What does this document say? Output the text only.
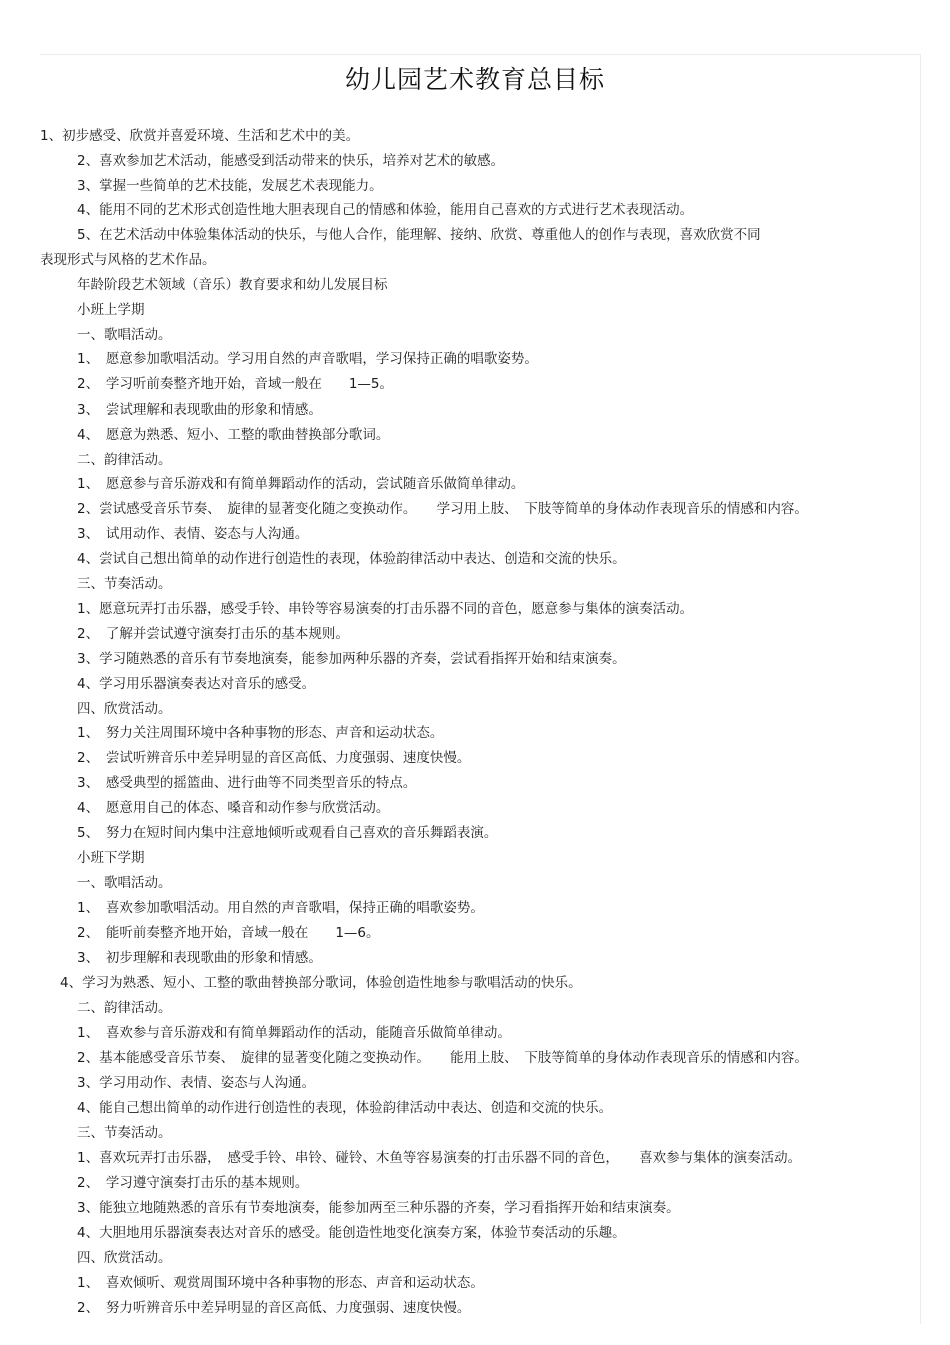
幼儿园艺术教育总目标
1、初步感受、欣赏并喜爱环境、生活和艺术中的美。
2、喜欢参加艺术活动，能感受到活动带来的快乐，培养对艺术的敏感。
3、掌握一些简单的艺术技能，发展艺术表现能力。
4、能用不同的艺术形式创造性地大胆表现自己的情感和体验，能用自己喜欢的方式进行艺术表现活动。
5、在艺术活动中体验集体活动的快乐，与他人合作，能理解、接纳、欣赏、尊重他人的创作与表现，喜欢欣赏不同
表现形式与风格的艺术作品。
年龄阶段艺术领域（音乐）教育要求和幼儿发展目标
小班上学期
一、歌唱活动。
1、　愿意参加歌唱活动。学习用自然的声音歌唱，学习保持正确的唱歌姿势。
2、　学习听前奏整齐地开始，音域一般在　　1—5。
3、　尝试理解和表现歌曲的形象和情感。
4、　愿意为熟悉、短小、工整的歌曲替换部分歌词。
二、韵律活动。
1、　愿意参与音乐游戏和有简单舞蹈动作的活动，尝试随音乐做简单律动。
2、尝试感受音乐节奏、　旋律的显著变化随之变换动作。　　学习用上肢、　下肢等简单的身体动作表现音乐的情感和内容。
3、　试用动作、表情、姿态与人沟通。
4、尝试自己想出简单的动作进行创造性的表现，体验韵律活动中表达、创造和交流的快乐。
三、节奏活动。
1、愿意玩弄打击乐器，感受手铃、串铃等容易演奏的打击乐器不同的音色，愿意参与集体的演奏活动。
2、　了解并尝试遵守演奏打击乐的基本规则。
3、学习随熟悉的音乐有节奏地演奏，能参加两种乐器的齐奏，尝试看指挥开始和结束演奏。
4、学习用乐器演奏表达对音乐的感受。
四、欣赏活动。
1、　努力关注周围环境中各种事物的形态、声音和运动状态。
2、　尝试听辨音乐中差异明显的音区高低、力度强弱、速度快慢。
3、　感受典型的摇篮曲、进行曲等不同类型音乐的特点。
4、　愿意用自己的体态、嗓音和动作参与欣赏活动。
5、　努力在短时间内集中注意地倾听或观看自己喜欢的音乐舞蹈表演。
小班下学期
一、歌唱活动。
1、　喜欢参加歌唱活动。用自然的声音歌唱，保持正确的唱歌姿势。
2、　能听前奏整齐地开始，音域一般在　　1—6。
3、　初步理解和表现歌曲的形象和情感。
4、学习为熟悉、短小、工整的歌曲替换部分歌词，体验创造性地参与歌唱活动的快乐。
二、韵律活动。
1、　喜欢参与音乐游戏和有简单舞蹈动作的活动，能随音乐做简单律动。
2、基本能感受音乐节奏、　旋律的显著变化随之变换动作。　　能用上肢、　下肢等简单的身体动作表现音乐的情感和内容。
3、学习用动作、表情、姿态与人沟通。
4、能自己想出简单的动作进行创造性的表现，体验韵律活动中表达、创造和交流的快乐。
三、节奏活动。
1、喜欢玩弄打击乐器，　感受手铃、串铃、碰铃、木鱼等容易演奏的打击乐器不同的音色，　　喜欢参与集体的演奏活动。
2、　学习遵守演奏打击乐的基本规则。
3、能独立地随熟悉的音乐有节奏地演奏，能参加两至三种乐器的齐奏，学习看指挥开始和结束演奏。
4、大胆地用乐器演奏表达对音乐的感受。能创造性地变化演奏方案，体验节奏活动的乐趣。
四、欣赏活动。
1、　喜欢倾听、观赏周围环境中各种事物的形态、声音和运动状态。
2、　努力听辨音乐中差异明显的音区高低、力度强弱、速度快慢。
